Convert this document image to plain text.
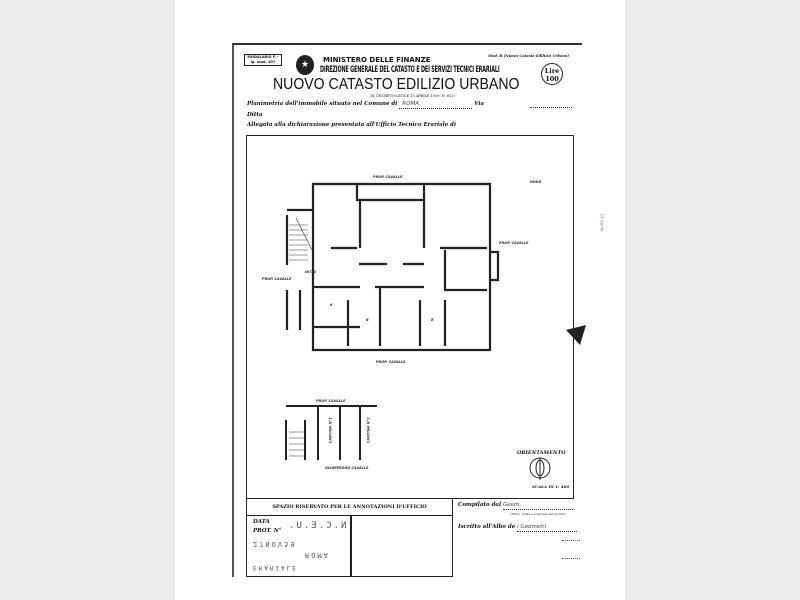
MODULARIO F. - Ig. mod. 497	★	MINISTERO DELLE FINANZE
DIREZIONE GENERALE DEL CATASTO E DEI SERVIZI TECNICI ERARIALI
Mod. B (Nuovo Catasto Edilizio Urbano)
Lire
100
NUOVO CATASTO EDILIZIO URBANO
(R. DECRETO-LEGGE 13 APRILE 1939, N. 652)
Planimetria dell'immobile situato nel Comune di ROMA	Via
Ditta
Allegata alla dichiarazione presentata all'Ufficio Tecnico Erariale di
PROP. CAVALLE
PROP. CAVALLE
PROP. CAVALLE
NORD
PROP. CAVALLE
INT. 2
K
B	B
PROP. CAVALLE
CANTINA N°1	CANTINA N°2
DISIMPEGNO CAVALLE
ORIENTAMENTO
SCALA DI 1: 400
SPAZIO RISERVATO PER LE ANNOTAZIONI D'UFFICIO
DATA
PROT. N° N.C.E.U.
27NOV59
ROMA
ERARIALE
Compilato dal Geom.
(Titolo, nome e cognome del tecnico)
Iscritto all'Albo de i Geometri
10 aprile
